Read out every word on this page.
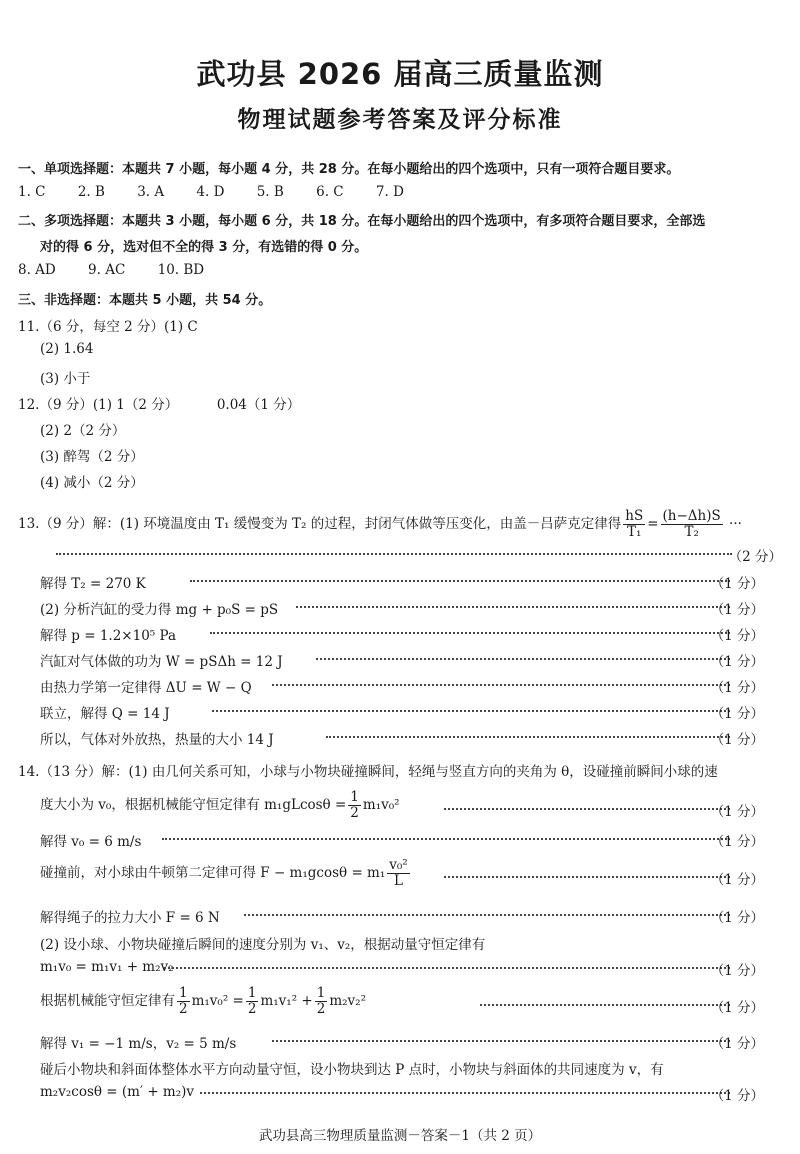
武功县 2026 届高三质量监测
物理试题参考答案及评分标准
一、单项选择题：本题共 7 小题，每小题 4 分，共 28 分。在每小题给出的四个选项中，只有一项符合题目要求。
1. C 2. B 3. A 4. D 5. B 6. C 7. D
二、多项选择题：本题共 3 小题，每小题 6 分，共 18 分。在每小题给出的四个选项中，有多项符合题目要求，全部选
对的得 6 分，选对但不全的得 3 分，有选错的得 0 分。
8. AD 9. AC 10. BD
三、非选择题：本题共 5 小题，共 54 分。
11.（6 分，每空 2 分）(1) C
(2) 1.64
(3) 小于
12.（9 分）(1) 1（2 分）	0.04（1 分）
(2) 2（2 分）
(3) 醉驾（2 分）
(4) 减小（2 分）
13.（9 分）解：(1) 环境温度由 T₁ 缓慢变为 T₂ 的过程，封闭气体做等压变化，由盖－吕萨克定律得 $\frac{hS}{\text{T₁}} = \frac{(h-\Delta h)S}{\text{T₂}}$ ···
（2 分）
解得 T₂ = 270 K	（1 分）
(2) 分析汽缸的受力得 mg + p₀S = pS	（1 分）
解得 p = 1.2×10⁵ Pa	（1 分）
汽缸对气体做的功为 W = pSΔh = 12 J	（1 分）
由热力学第一定律得 ΔU = W − Q	（1 分）
联立，解得 Q = 14 J	（1 分）
所以，气体对外放热，热量的大小 14 J	（1 分）
14.（13 分）解：(1) 由几何关系可知，小球与小物块碰撞瞬间，轻绳与竖直方向的夹角为 θ，设碰撞前瞬间小球的速
度大小为 v₀，根据机械能守恒定律有 $m_1gLcos\theta = \frac{1}{2} m_1v_0^2$	（1 分）
解得 v₀ = 6 m/s	（1 分）
碰撞前，对小球由牛顿第二定律可得 $F - m_1gcos\theta = m_1 \frac{\text{v₀²}}{L}$	（1 分）
解得绳子的拉力大小 F = 6 N	（1 分）
(2) 设小球、小物块碰撞后瞬间的速度分别为 v₁、v₂，根据动量守恒定律有
m₁v₀ = m₁v₁ + m₂v₂	（1 分）
根据机械能守恒定律有 $\frac{1}{2} m_1v_0^2 = \frac{1}{2} m_1v_1^2 + \frac{1}{2} m_2v_2^2$	（1 分）
解得 v₁ = −1 m/s，v₂ = 5 m/s	（1 分）
碰后小物块和斜面体整体水平方向动量守恒，设小物块到达 P 点时，小物块与斜面体的共同速度为 v，有
m₂v₂cosθ = (m′ + m₂)v	（1 分）
武功县高三物理质量监测－答案－1（共 2 页）
